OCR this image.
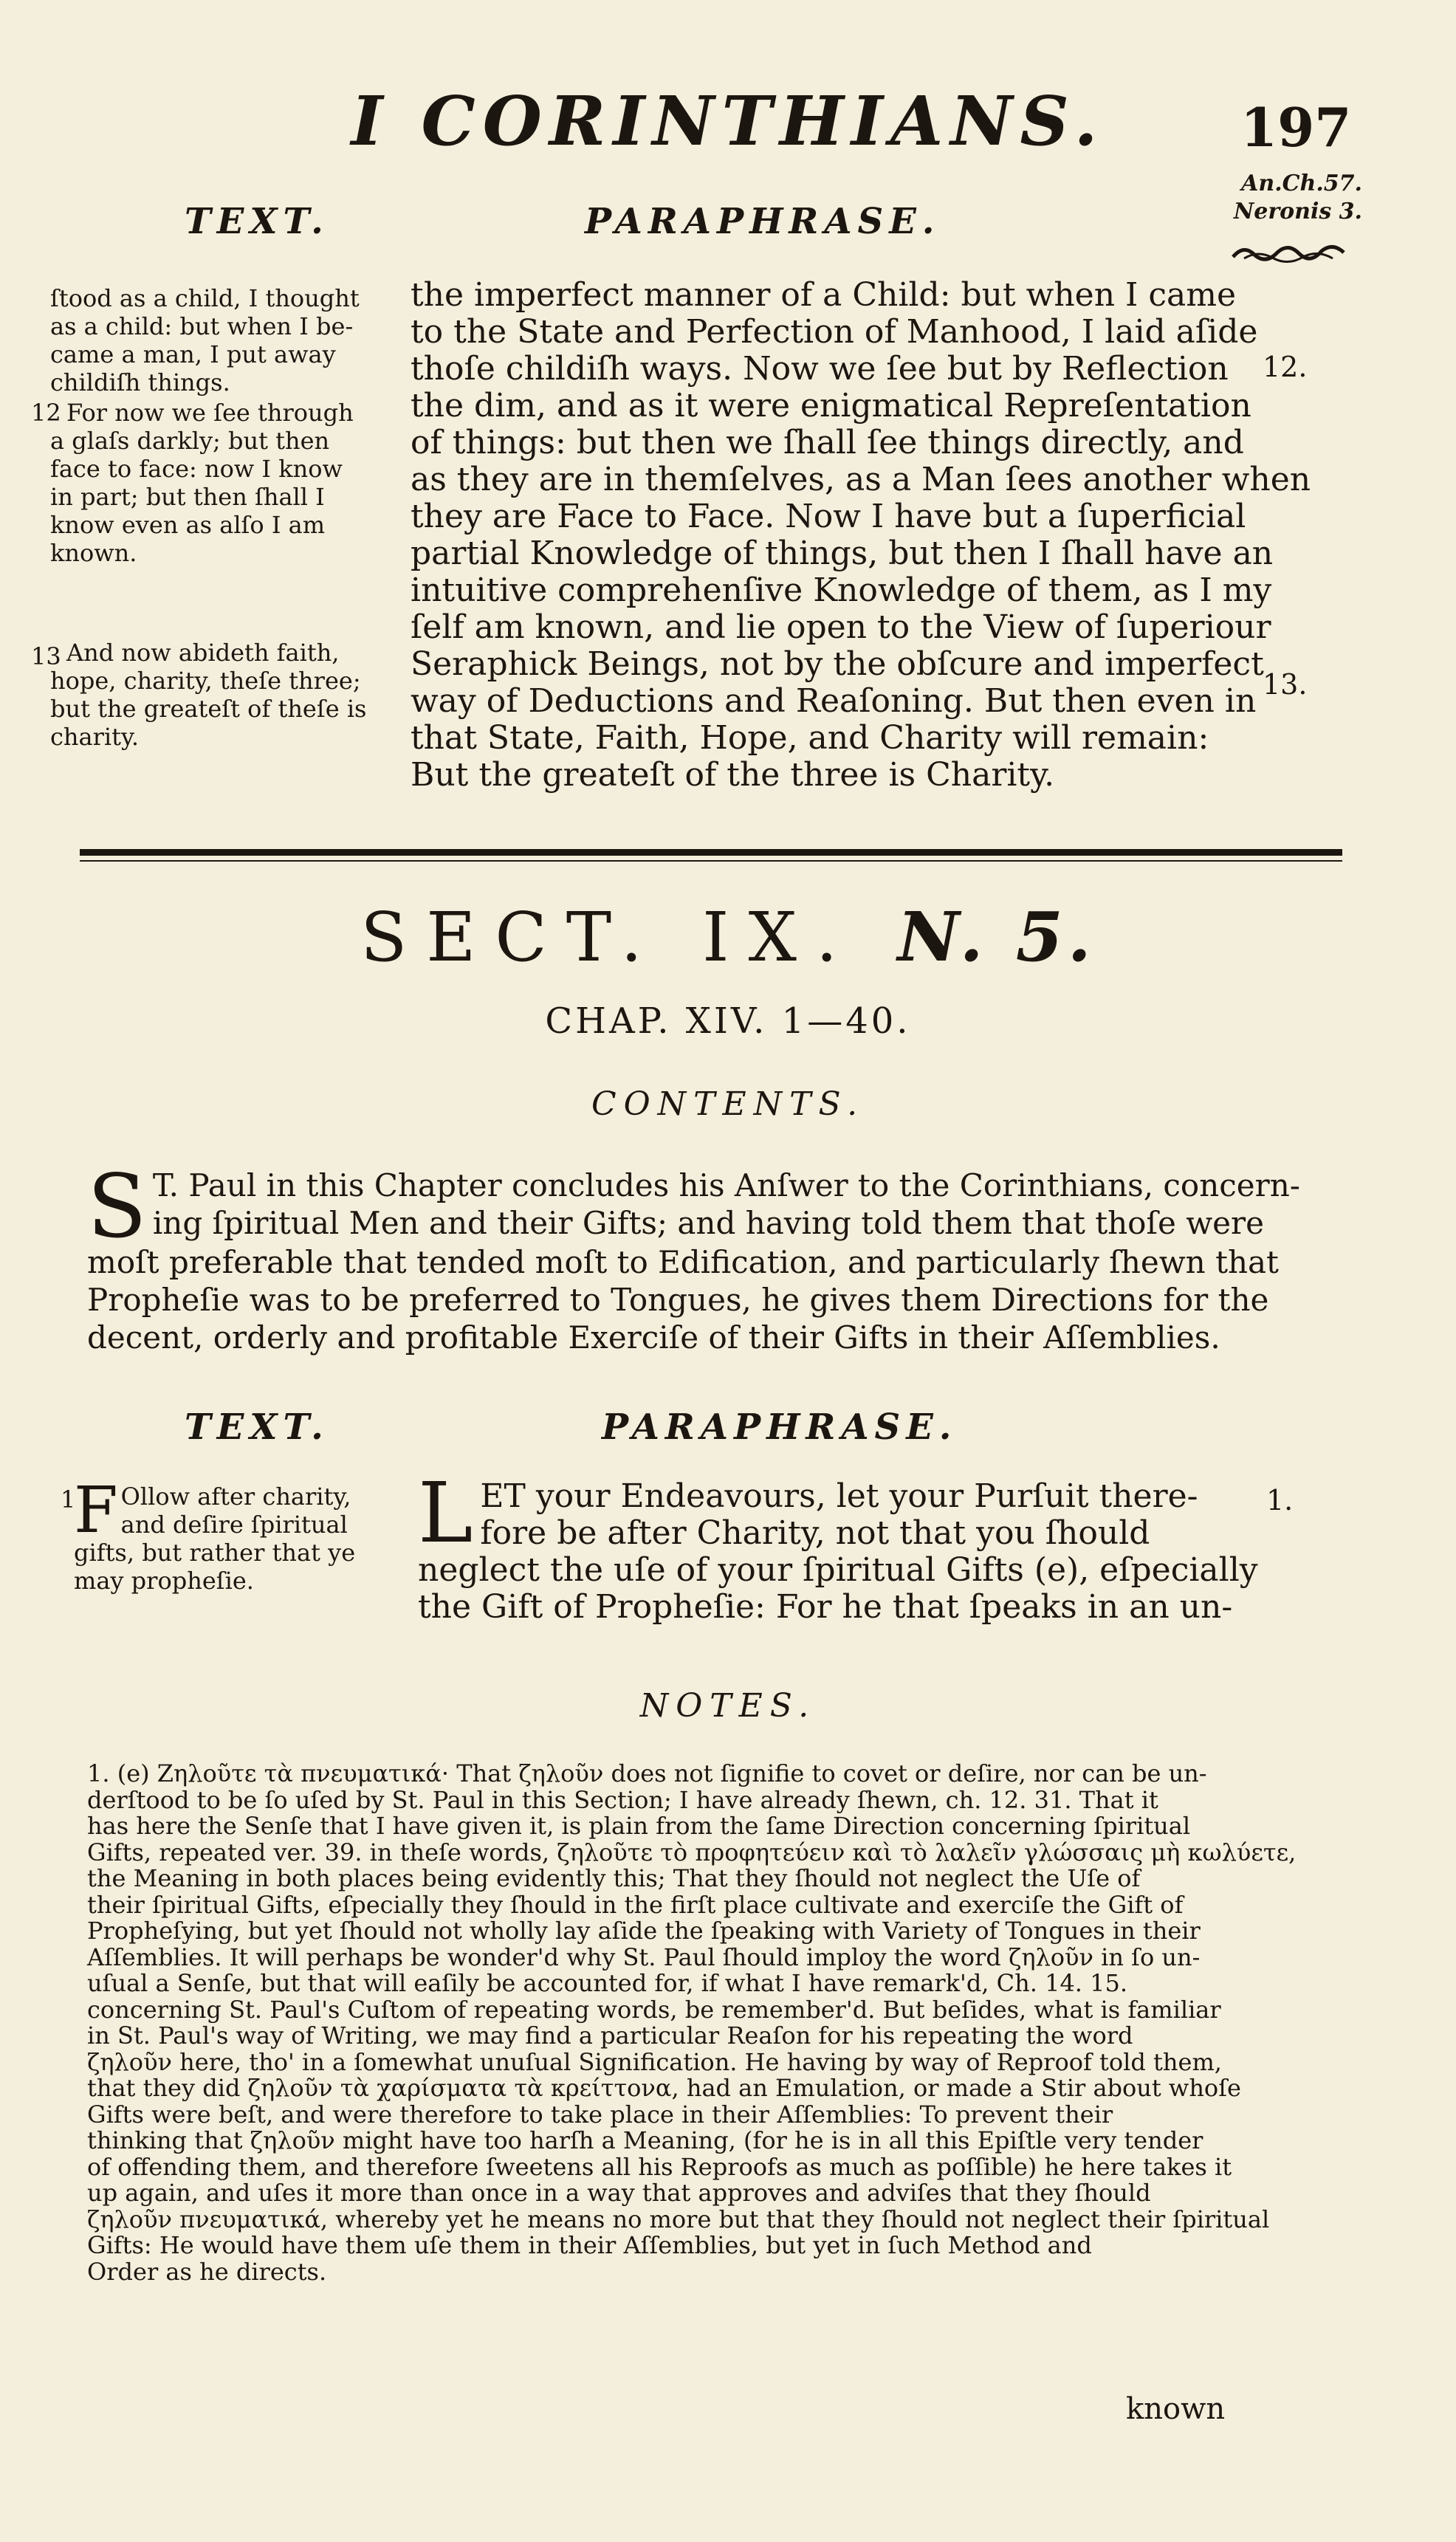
I CORINTHIANS.	197
An.Ch.57.
Neronis 3.
TEXT.	PARAPHRASE.
ſtood as a child, I thought
as a child: but when I be-
came a man, I put away
childiſh things.
12 For now we ſee through
a glaſs darkly; but then
face to face: now I know
in part; but then ſhall I
know even as alſo I am
known.
13 And now abideth faith,
hope, charity, theſe three;
but the greateſt of theſe is
charity.
the imperfect manner of a Child: but when I came
to the State and Perfection of Manhood, I laid aſide
thoſe childiſh ways. Now we ſee but by Reflection
the dim, and as it were enigmatical Repreſentation
of things: but then we ſhall ſee things directly, and
as they are in themſelves, as a Man ſees another when
they are Face to Face. Now I have but a ſuperficial
partial Knowledge of things, but then I ſhall have an
intuitive comprehenſive Knowledge of them, as I my
ſelf am known, and lie open to the View of ſuperiour
Seraphick Beings, not by the obſcure and imperfect
way of Deductions and Reaſoning. But then even in
that State, Faith, Hope, and Charity will remain:
But the greateſt of the three is Charity.
12.
13.
SECT. IX. N. 5.
CHAP. XIV. 1—40.
CONTENTS.
S T. Paul in this Chapter concludes his Anſwer to the Corinthians, concern-
ing ſpiritual Men and their Gifts; and having told them that thoſe were
moſt preferable that tended moſt to Edification, and particularly ſhewn that
Propheſie was to be preferred to Tongues, he gives them Directions for the
decent, orderly and profitable Exerciſe of their Gifts in their Aſſemblies.
TEXT.	PARAPHRASE.
1
F Ollow after charity,
and deſire ſpiritual
gifts, but rather that ye
may propheſie.
L ET your Endeavours, let your Purſuit there-
fore be after Charity, not that you ſhould
neglect the uſe of your ſpiritual Gifts (e), eſpecially
the Gift of Propheſie: For he that ſpeaks in an un-
1.
NOTES.
1. (e) Ζηλοῦτε τὰ πνευματικά· That ζηλοῦν does not ſignifie to covet or deſire, nor can be un-
derſtood to be ſo uſed by St. Paul in this Section; I have already ſhewn, ch. 12. 31. That it
has here the Senſe that I have given it, is plain from the ſame Direction concerning ſpiritual
Gifts, repeated ver. 39. in theſe words, ζηλοῦτε τὸ προφητεύειν καὶ τὸ λαλεῖν γλώσσαις μὴ κωλύετε,
the Meaning in both places being evidently this; That they ſhould not neglect the Uſe of
their ſpiritual Gifts, eſpecially they ſhould in the firſt place cultivate and exerciſe the Gift of
Propheſying, but yet ſhould not wholly lay aſide the ſpeaking with Variety of Tongues in their
Aſſemblies. It will perhaps be wonder'd why St. Paul ſhould imploy the word ζηλοῦν in ſo un-
uſual a Senſe, but that will eaſily be accounted for, if what I have remark'd, Ch. 14. 15.
concerning St. Paul's Cuſtom of repeating words, be remember'd. But beſides, what is familiar
in St. Paul's way of Writing, we may find a particular Reaſon for his repeating the word
ζηλοῦν here, tho' in a ſomewhat unuſual Signification. He having by way of Reproof told them,
that they did ζηλοῦν τὰ χαρίσματα τὰ κρείττονα, had an Emulation, or made a Stir about whoſe
Gifts were beſt, and were therefore to take place in their Aſſemblies: To prevent their
thinking that ζηλοῦν might have too harſh a Meaning, (for he is in all this Epiſtle very tender
of offending them, and therefore ſweetens all his Reproofs as much as poſſible) he here takes it
up again, and uſes it more than once in a way that approves and adviſes that they ſhould
ζηλοῦν πνευματικά, whereby yet he means no more but that they ſhould not neglect their ſpiritual
Gifts: He would have them uſe them in their Aſſemblies, but yet in ſuch Method and
Order as he directs.
known
